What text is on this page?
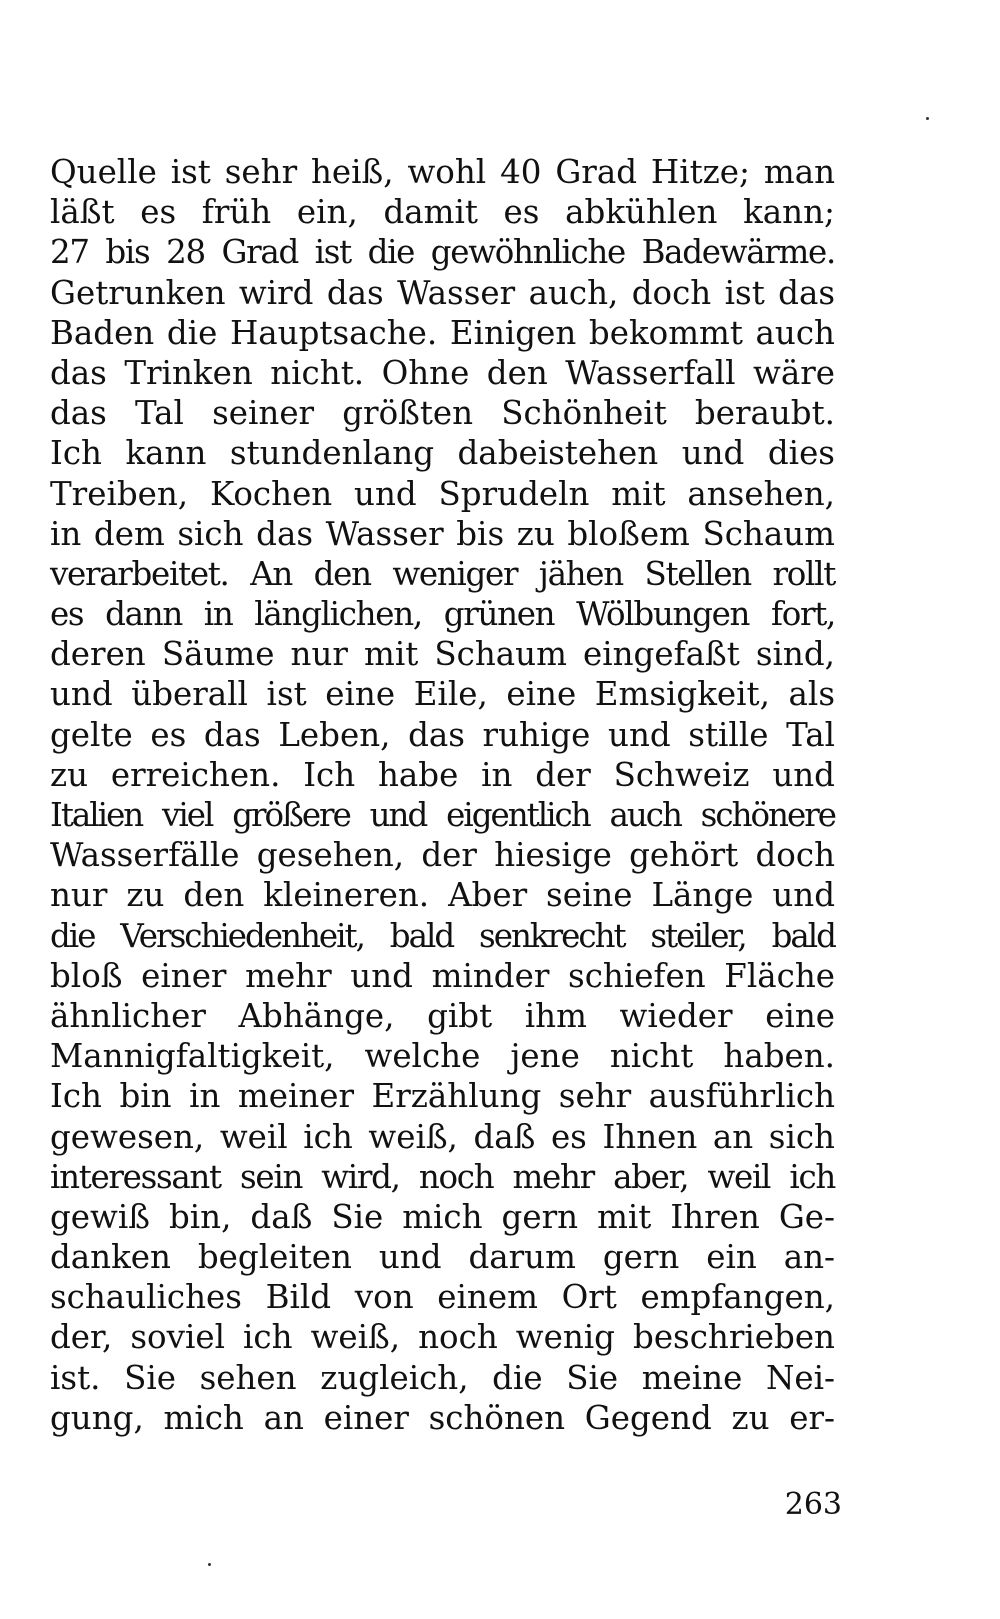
Quelle ist sehr heiß, wohl 40 Grad Hitze; man
läßt es früh ein, damit es abkühlen kann;
27 bis 28 Grad ist die gewöhnliche Badewärme.
Getrunken wird das Wasser auch, doch ist das
Baden die Hauptsache. Einigen bekommt auch
das Trinken nicht. Ohne den Wasserfall wäre
das Tal seiner größten Schönheit beraubt.
Ich kann stundenlang dabeistehen und dies
Treiben, Kochen und Sprudeln mit ansehen,
in dem sich das Wasser bis zu bloßem Schaum
verarbeitet. An den weniger jähen Stellen rollt
es dann in länglichen, grünen Wölbungen fort,
deren Säume nur mit Schaum eingefaßt sind,
und überall ist eine Eile, eine Emsigkeit, als
gelte es das Leben, das ruhige und stille Tal
zu erreichen. Ich habe in der Schweiz und
Italien viel größere und eigentlich auch schönere
Wasserfälle gesehen, der hiesige gehört doch
nur zu den kleineren. Aber seine Länge und
die Verschiedenheit, bald senkrecht steiler, bald
bloß einer mehr und minder schiefen Fläche
ähnlicher Abhänge, gibt ihm wieder eine
Mannigfaltigkeit, welche jene nicht haben.
Ich bin in meiner Erzählung sehr ausführlich
gewesen, weil ich weiß, daß es Ihnen an sich
interessant sein wird, noch mehr aber, weil ich
gewiß bin, daß Sie mich gern mit Ihren Ge-
danken begleiten und darum gern ein an-
schauliches Bild von einem Ort empfangen,
der, soviel ich weiß, noch wenig beschrieben
ist. Sie sehen zugleich, die Sie meine Nei-
gung, mich an einer schönen Gegend zu er-
263
